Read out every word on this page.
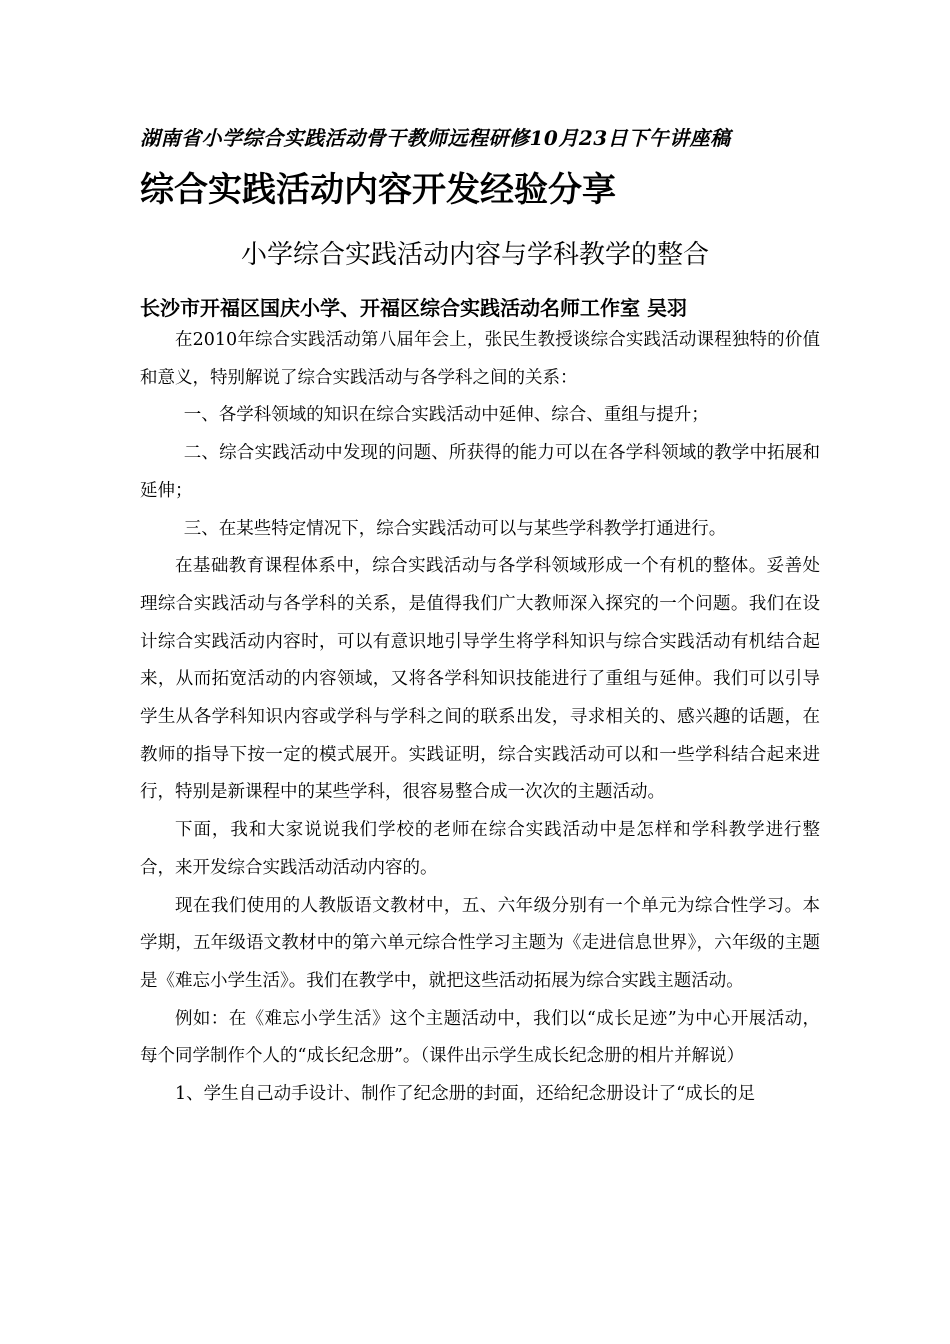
湖南省小学综合实践活动骨干教师远程研修10月23日下午讲座稿
综合实践活动内容开发经验分享
小学综合实践活动内容与学科教学的整合
长沙市开福区国庆小学、开福区综合实践活动名师工作室 吴羽

在2010年综合实践活动第八届年会上，张民生教授谈综合实践活动课程独特的价值和意义，特别解说了综合实践活动与各学科之间的关系：

一、各学科领域的知识在综合实践活动中延伸、综合、重组与提升；

二、综合实践活动中发现的问题、所获得的能力可以在各学科领域的教学中拓展和延伸；

三、在某些特定情况下，综合实践活动可以与某些学科教学打通进行。

在基础教育课程体系中，综合实践活动与各学科领域形成一个有机的整体。妥善处理综合实践活动与各学科的关系，是值得我们广大教师深入探究的一个问题。我们在设计综合实践活动内容时，可以有意识地引导学生将学科知识与综合实践活动有机结合起来，从而拓宽活动的内容领域，又将各学科知识技能进行了重组与延伸。我们可以引导学生从各学科知识内容或学科与学科之间的联系出发，寻求相关的、感兴趣的话题，在教师的指导下按一定的模式展开。实践证明，综合实践活动可以和一些学科结合起来进行，特别是新课程中的某些学科，很容易整合成一次次的主题活动。

下面，我和大家说说我们学校的老师在综合实践活动中是怎样和学科教学进行整合，来开发综合实践活动活动内容的。

现在我们使用的人教版语文教材中，五、六年级分别有一个单元为综合性学习。本学期，五年级语文教材中的第六单元综合性学习主题为《走进信息世界》，六年级的主题是《难忘小学生活》。我们在教学中，就把这些活动拓展为综合实践主题活动。

例如：在《难忘小学生活》这个主题活动中，我们以“成长足迹”为中心开展活动，每个同学制作个人的“成长纪念册”。（课件出示学生成长纪念册的相片并解说）

1、学生自己动手设计、制作了纪念册的封面，还给纪念册设计了“成长的足
